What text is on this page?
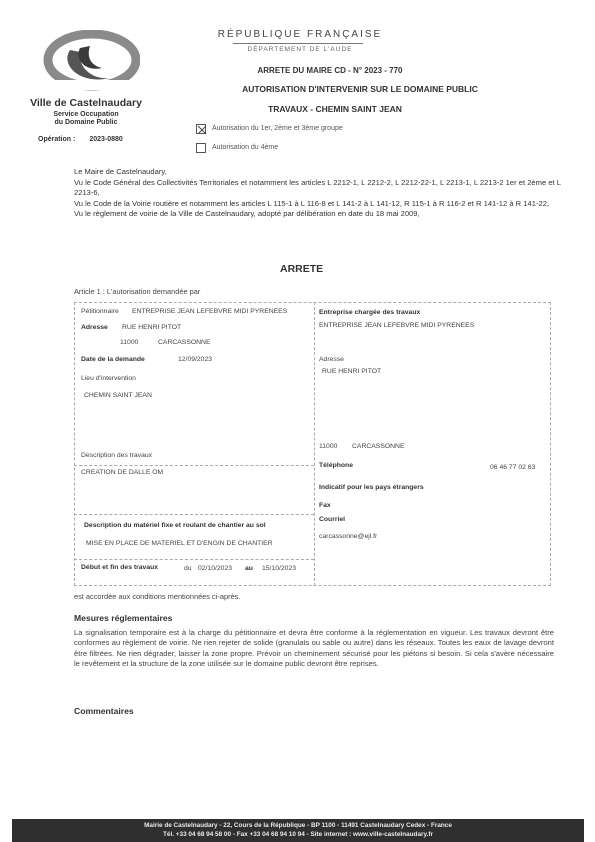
Ville de Castelnaudary
Service Occupation
du Domaine Public
Opération : 2023-0880
RÉPUBLIQUE FRANÇAISE
DÉPARTEMENT DE L'AUDE
ARRETE DU MAIRE CD - N° 2023 - 770
AUTORISATION D'INTERVENIR SUR LE DOMAINE PUBLIC
TRAVAUX - CHEMIN SAINT JEAN
Autorisation du 1er, 2ème et 3ème groupe
Autorisation du 4ème

Le Maire de Castelnaudary,

Vu le Code Général des Collectivités Territoriales et notamment les articles L 2212-1, L 2212-2, L 2212-22-1, L 2213-1, L 2213-2 1er et 2ème et L 2213-6,

Vu le Code de la Voirie routière et notamment les articles L 115-1 à L 116-8 et L 141-2 à L 141-12, R 115-1 à R 116-2 et R 141-12 à R 141-22,

Vu le règlement de voirie de la Ville de Castelnaudary, adopté par délibération en date du 18 mai 2009,

ARRETE
Article 1 : L'autorisation demandée par
Pétitionnaire ENTREPRISE JEAN LEFEBVRE MIDI PYRENEES
Adresse RUE HENRI PITOT
11000	CARCASSONNE
Date de la demande	12/09/2023
Lieu d'intervention
CHEMIN SAINT JEAN
Description des travaux
CREATION DE DALLE OM
Description du matériel fixe et roulant de chantier au sol
MISE EN PLACE DE MATERIEL ET D'ENGIN DE CHANTIER
Début et fin des travaux	du 02/10/2023 au 15/10/2023
Entreprise chargée des travaux
ENTREPRISE JEAN LEFEBVRE MIDI PYRENEES
Adresse
RUE HENRI PITOT
11000 CARCASSONNE
Téléphone	06 46 77 02 63
Indicatif pour les pays étrangers
Fax
Courriel
carcassonne@ejl.fr
est accordée aux conditions mentionnées ci-après.
Mesures réglementaires
La signalisation temporaire est à la charge du pétitionnaire et devra être conforme à la réglementation en vigueur. Les travaux devront être conformes au règlement de voirie. Ne rien rejeter de solide (granulats ou sable ou autre) dans les réseaux. Toutes les eaux de lavage devront être filtrées. Ne rien dégrader, laisser la zone propre. Prévoir un cheminement sécurisé pour les piétons si besoin. Si cela s'avère nécessaire le revêtement et la structure de la zone utilisée sur le domaine public devront être reprises.
Commentaires
Mairie de Castelnaudary - 22, Cours de la République - BP 1100 - 11491 Castelnaudary Cedex - France
Tél. +33 04 68 94 58 00 - Fax +33 04 68 94 10 94 - Site internet : www.ville-castelnaudary.fr
